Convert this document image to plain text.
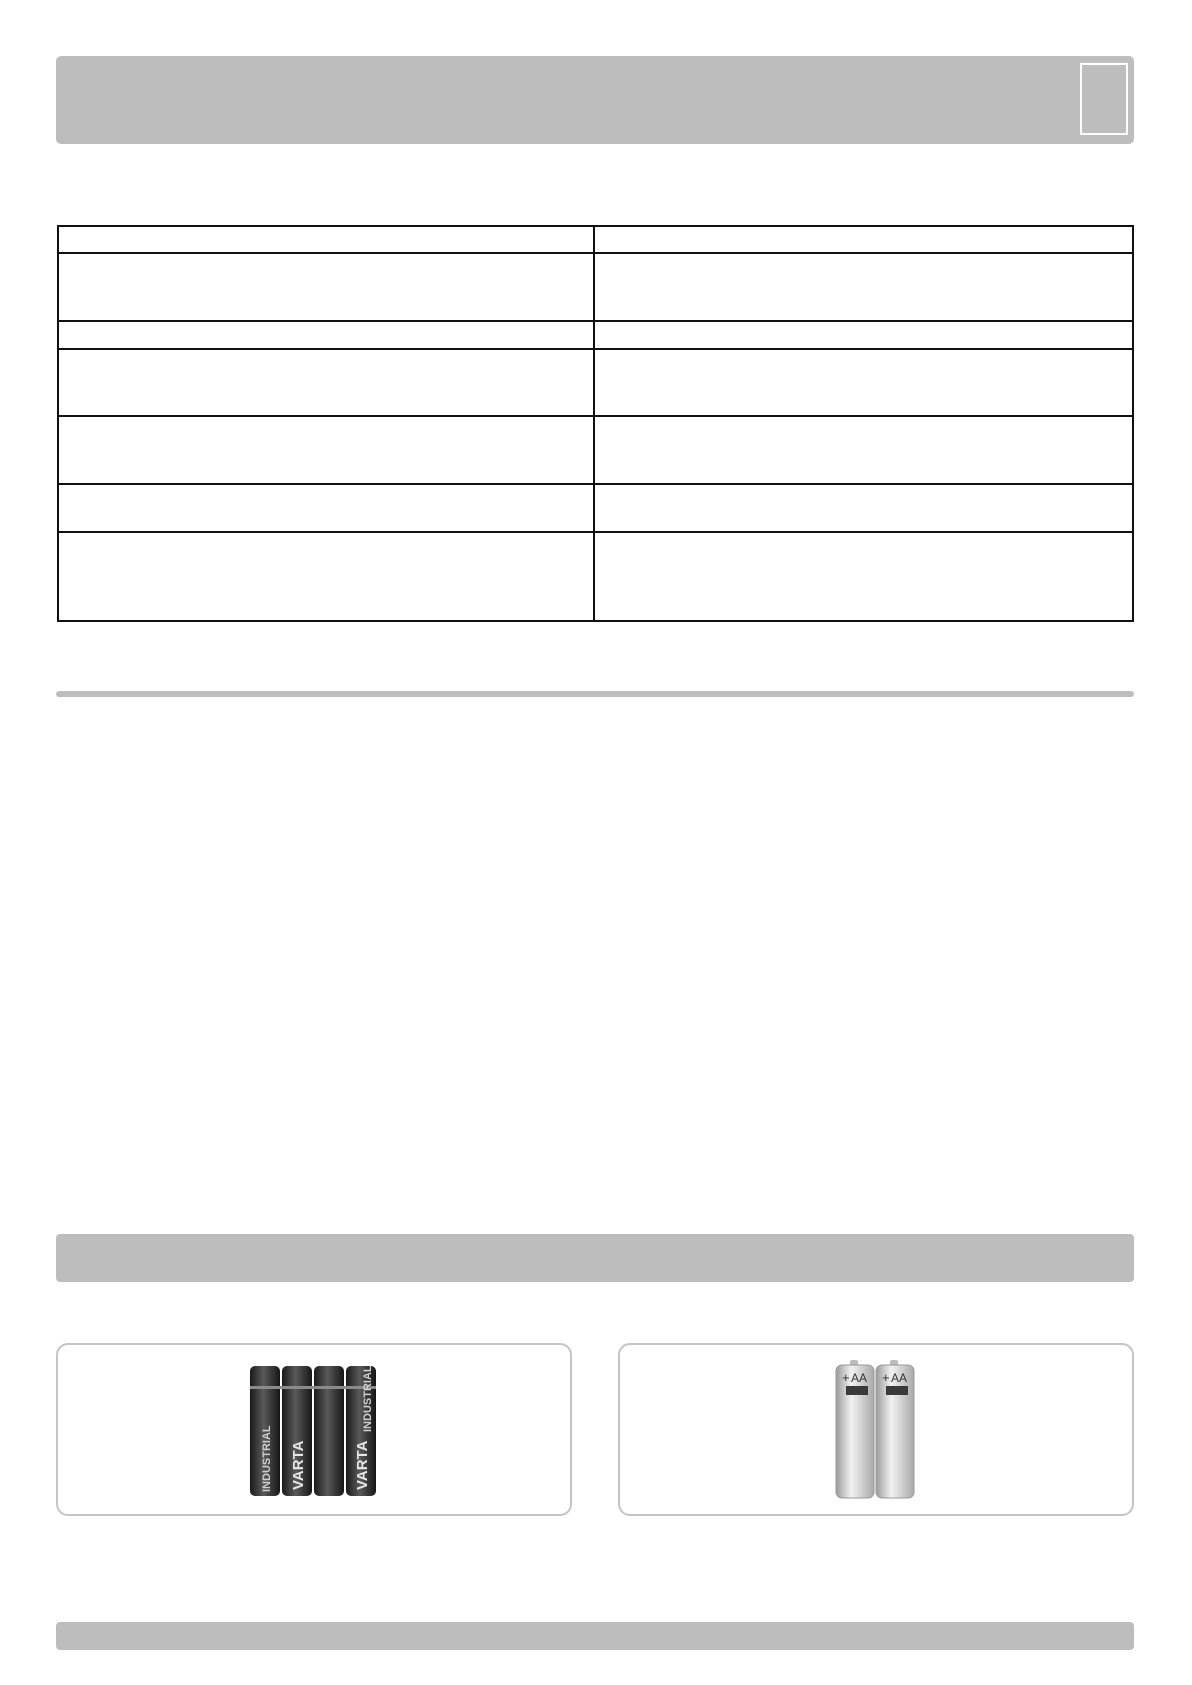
INDUSTRIAL VARTA	VARTA
INDUSTRIAL	+ AA + AA
